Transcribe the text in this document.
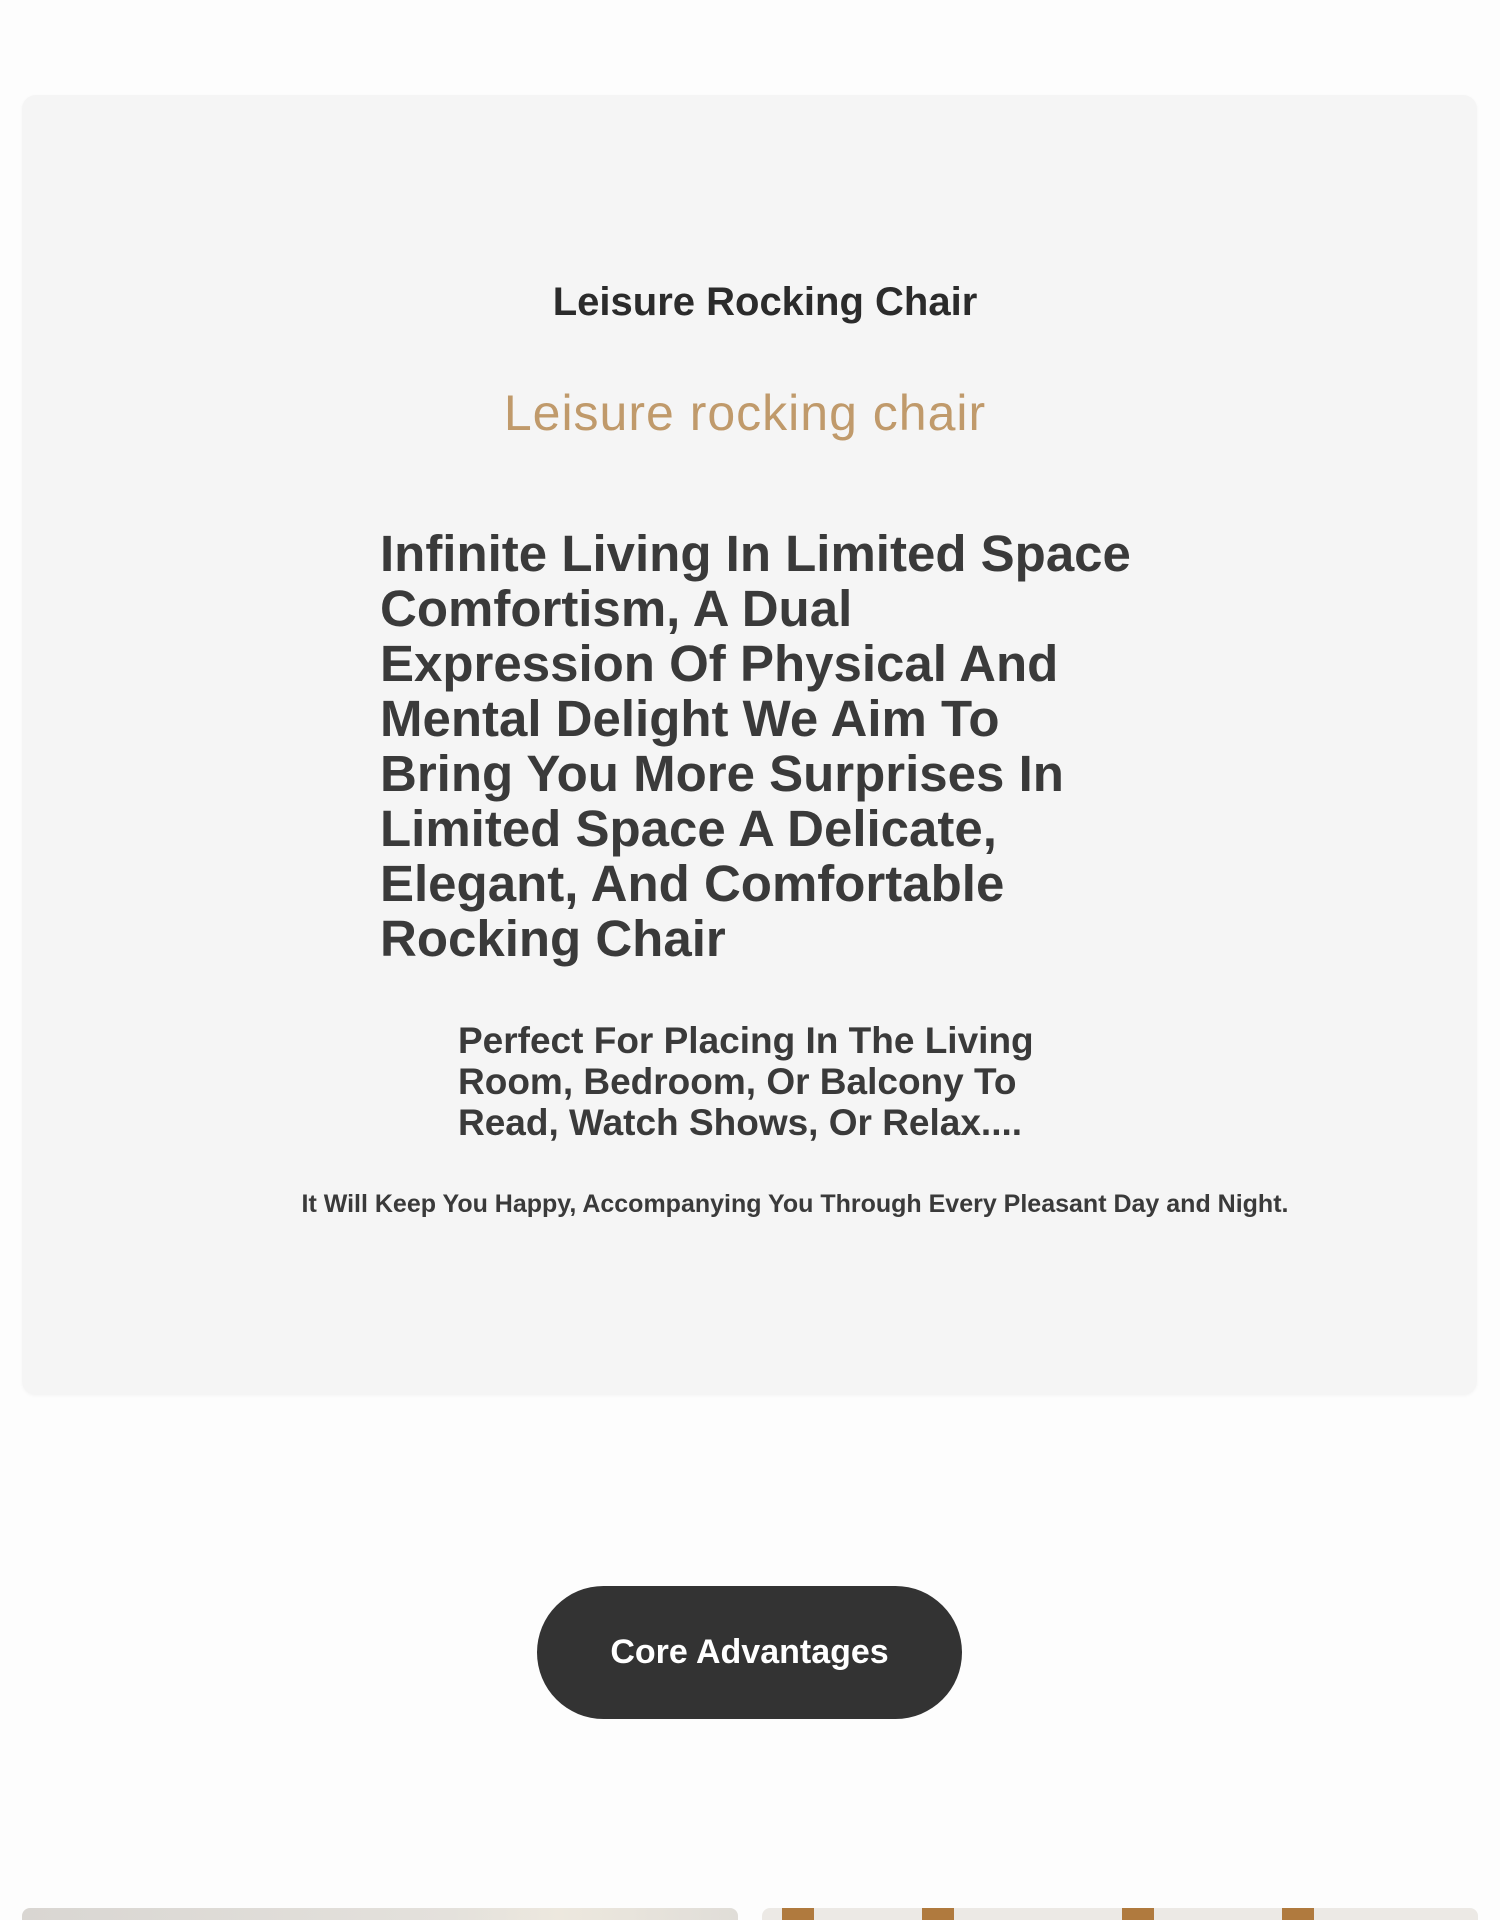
Leisure Rocking Chair
Leisure rocking chair
Infinite Living In Limited Space Comfortism, A Dual Expression Of Physical And Mental Delight We Aim To Bring You More Surprises In Limited Space A Delicate, Elegant, And Comfortable Rocking Chair

Perfect For Placing In The Living Room, Bedroom, Or Balcony To Read, Watch Shows, Or Relax....

It Will Keep You Happy, Accompanying You Through Every Pleasant Day and Night.

Core Advantages
